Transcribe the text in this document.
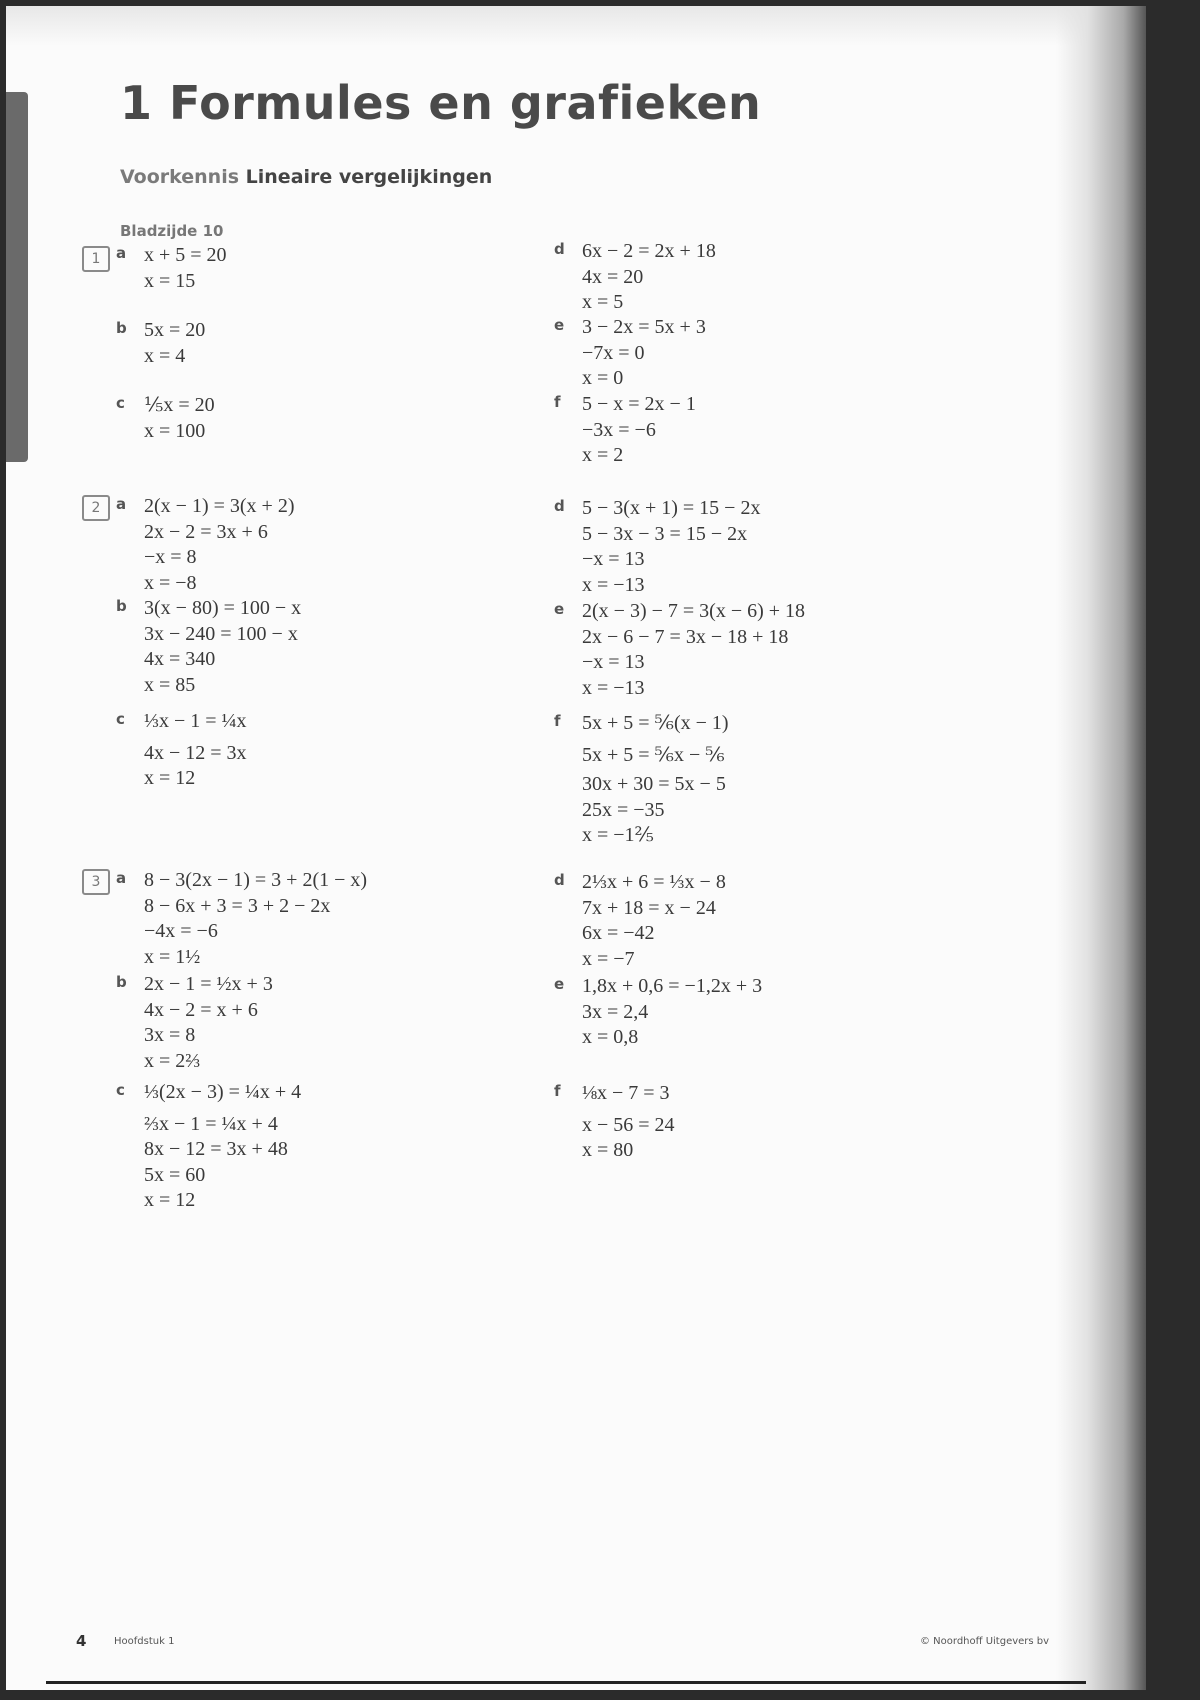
1 Formules en grafieken
Voorkennis Lineaire vergelijkingen
Bladzijde 10
1	a x + 5 = 20
x = 15
b 5x = 20
x = 4
c ⅕x = 20
x = 100
d 6x − 2 = 2x + 18
4x = 20
x = 5
e 3 − 2x = 5x + 3
−7x = 0
x = 0
f 5 − x = 2x − 1
−3x = −6
x = 2
2	a 2(x − 1) = 3(x + 2)
2x − 2 = 3x + 6
−x = 8
x = −8
b 3(x − 80) = 100 − x
3x − 240 = 100 − x
4x = 340
x = 85
c ⅓x − 1 = ¼x
4x − 12 = 3x
x = 12
d 5 − 3(x + 1) = 15 − 2x
5 − 3x − 3 = 15 − 2x
−x = 13
x = −13
e 2(x − 3) − 7 = 3(x − 6) + 18
2x − 6 − 7 = 3x − 18 + 18
−x = 13
x = −13
f 5x + 5 = ⅚(x − 1)
5x + 5 = ⅚x − ⅚
30x + 30 = 5x − 5
25x = −35
x = −1⅖
3	a 8 − 3(2x − 1) = 3 + 2(1 − x)
8 − 6x + 3 = 3 + 2 − 2x
−4x = −6
x = 1½
b 2x − 1 = ½x + 3
4x − 2 = x + 6
3x = 8
x = 2⅔
c ⅓(2x − 3) = ¼x + 4
⅔x − 1 = ¼x + 4
8x − 12 = 3x + 48
5x = 60
x = 12
d 2⅓x + 6 = ⅓x − 8
7x + 18 = x − 24
6x = −42
x = −7
e 1,8x + 0,6 = −1,2x + 3
3x = 2,4
x = 0,8
f ⅛x − 7 = 3
x − 56 = 24
x = 80
4	Hoofdstuk 1	© Noordhoff Uitgevers bv
